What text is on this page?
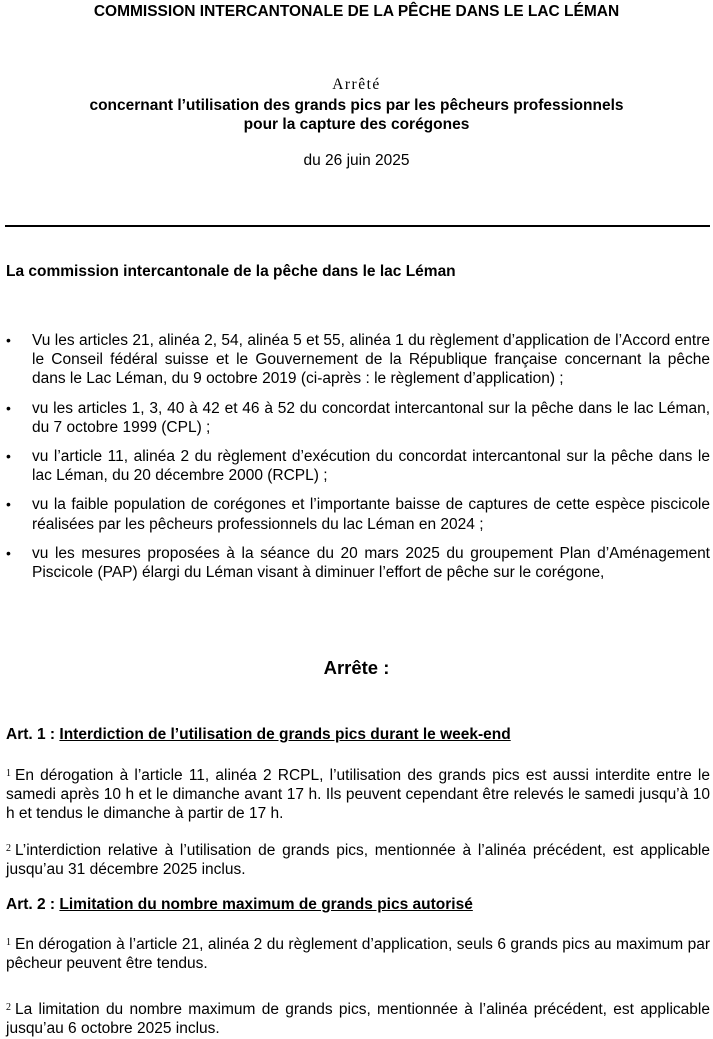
COMMISSION INTERCANTONALE DE LA PÊCHE DANS LE LAC LÉMAN
Arrêté
concernant l’utilisation des grands pics par les pêcheurs professionnels
pour la capture des corégones
du 26 juin 2025
La commission intercantonale de la pêche dans le lac Léman
•	Vu les articles 21, alinéa 2, 54, alinéa 5 et 55, alinéa 1 du règlement d’application de l’Accord entre le Conseil fédéral suisse et le Gouvernement de la République française concernant la pêche dans le Lac Léman, du 9 octobre 2019 (ci-après : le règlement d’application) ;
•	vu les articles 1, 3, 40 à 42 et 46 à 52 du concordat intercantonal sur la pêche dans le lac Léman, du 7 octobre 1999 (CPL) ;
•	vu l’article 11, alinéa 2 du règlement d’exécution du concordat intercantonal sur la pêche dans le lac Léman, du 20 décembre 2000 (RCPL) ;
•	vu la faible population de corégones et l’importante baisse de captures de cette espèce piscicole réalisées par les pêcheurs professionnels du lac Léman en 2024 ;
•	vu les mesures proposées à la séance du 20 mars 2025 du groupement Plan d’Aménagement Piscicole (PAP) élargi du Léman visant à diminuer l’effort de pêche sur le corégone,
Arrête :
Art. 1 : Interdiction de l’utilisation de grands pics durant le week-end
$^1$ En dérogation à l’article 11, alinéa 2 RCPL, l’utilisation des grands pics est aussi interdite entre le samedi après 10 h et le dimanche avant 17 h. Ils peuvent cependant être relevés le samedi jusqu’à 10 h et tendus le dimanche à partir de 17 h.
$^2$ L’interdiction relative à l’utilisation de grands pics, mentionnée à l’alinéa précédent, est applicable jusqu’au 31 décembre 2025 inclus.
Art. 2 : Limitation du nombre maximum de grands pics autorisé
$^1$ En dérogation à l’article 21, alinéa 2 du règlement d’application, seuls 6 grands pics au maximum par pêcheur peuvent être tendus.
$^2$ La limitation du nombre maximum de grands pics, mentionnée à l’alinéa précédent, est applicable jusqu’au 6 octobre 2025 inclus.
